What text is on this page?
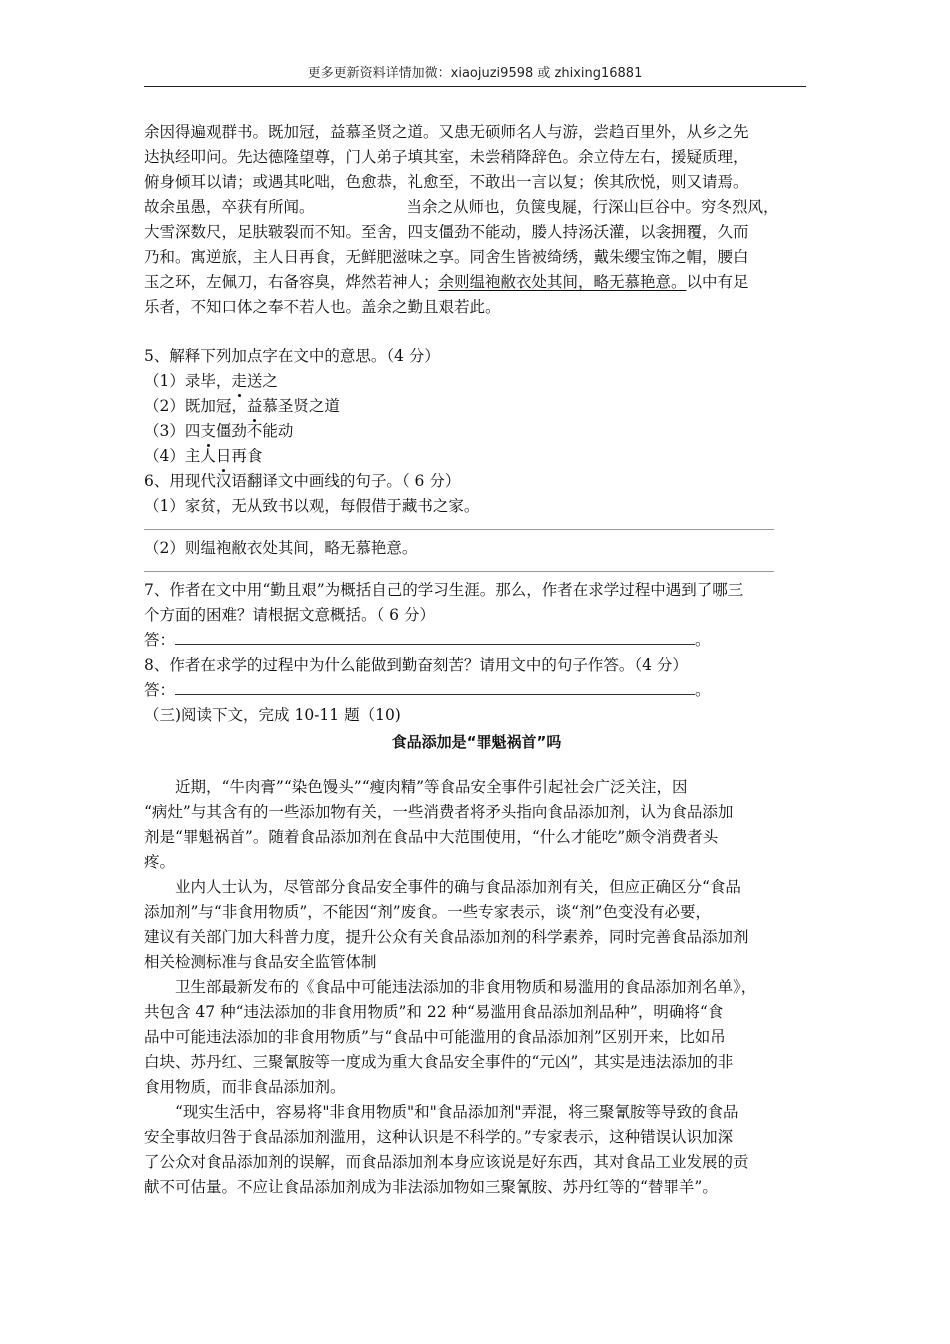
更多更新资料详情加微：xiaojuzi9598 或 zhixing16881
余因得遍观群书。既加冠，益慕圣贤之道。又患无硕师名人与游，尝趋百里外，从乡之先
达执经叩问。先达德隆望尊，门人弟子填其室，未尝稍降辞色。余立侍左右，援疑质理，
俯身倾耳以请；或遇其叱咄，色愈恭，礼愈至，不敢出一言以复；俟其欣悦，则又请焉。
故余虽愚，卒获有所闻。	当余之从师也，负箧曳屣，行深山巨谷中。穷冬烈风，
大雪深数尺，足肤皲裂而不知。至舍，四支僵劲不能动，媵人持汤沃灌，以衾拥覆，久而
乃和。寓逆旅，主人日再食，无鲜肥滋味之享。同舍生皆被绮绣，戴朱缨宝饰之帽，腰白
玉之环，左佩刀，右备容臭，烨然若神人；余则缊袍敝衣处其间，略无慕艳意。以中有足
乐者，不知口体之奉不若人也。盖余之勤且艰若此。
5、解释下列加点字在文中的意思。（4 分）
（1）录毕，走送之
（2）既加冠，益慕圣贤之道
（3）四支僵劲不能动
（4）主人日再食
6、用现代汉语翻译文中画线的句子。（ 6 分）
（1）家贫，无从致书以观，每假借于藏书之家。
（2）则缊袍敝衣处其间，略无慕艳意。
7、作者在文中用“勤且艰”为概括自己的学习生涯。那么，作者在求学过程中遇到了哪三
个方面的困难？请根据文意概括。（ 6 分）
答：	。
8、作者在求学的过程中为什么能做到勤奋刻苦？请用文中的句子作答。（4 分）
答：	。
（三)阅读下文，完成 10-11 题（10)
食品添加是“罪魁祸首”吗
近期，“牛肉膏”“染色馒头”“瘦肉精”等食品安全事件引起社会广泛关注，因
“病灶”与其含有的一些添加物有关，一些消费者将矛头指向食品添加剂，认为食品添加
剂是“罪魁祸首”。随着食品添加剂在食品中大范围使用，“什么才能吃”颇令消费者头
疼。
业内人士认为，尽管部分食品安全事件的确与食品添加剂有关，但应正确区分“食品
添加剂”与“非食用物质”，不能因“剂”废食。一些专家表示，谈“剂”色变没有必要，
建议有关部门加大科普力度，提升公众有关食品添加剂的科学素养，同时完善食品添加剂
相关检测标准与食品安全监管体制
卫生部最新发布的《食品中可能违法添加的非食用物质和易滥用的食品添加剂名单》，
共包含 47 种“违法添加的非食用物质”和 22 种“易滥用食品添加剂品种”，明确将“食
品中可能违法添加的非食用物质”与“食品中可能滥用的食品添加剂”区别开来，比如吊
白块、苏丹红、三聚氰胺等一度成为重大食品安全事件的“元凶”，其实是违法添加的非
食用物质，而非食品添加剂。
“现实生活中，容易将"非食用物质"和"食品添加剂"弄混，将三聚氰胺等导致的食品
安全事故归咎于食品添加剂滥用，这种认识是不科学的。”专家表示，这种错误认识加深
了公众对食品添加剂的误解，而食品添加剂本身应该说是好东西，其对食品工业发展的贡
献不可估量。不应让食品添加剂成为非法添加物如三聚氰胺、苏丹红等的“替罪羊”。
